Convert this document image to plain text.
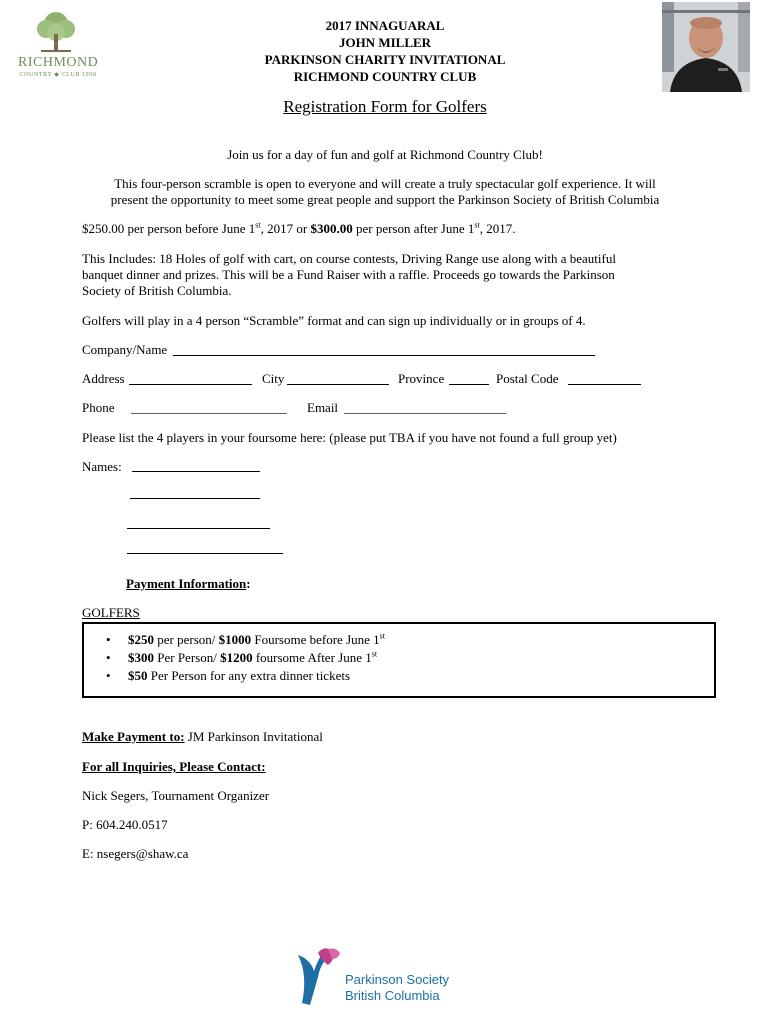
RICHMOND
COUNTRY ◆ CLUB 1958
2017 INNAGUARAL
JOHN MILLER
PARKINSON CHARITY INVITATIONAL
RICHMOND COUNTRY CLUB
Registration Form for Golfers
Join us for a day of fun and golf at Richmond Country Club!
This four-person scramble is open to everyone and will create a truly spectacular golf experience. It will
present the opportunity to meet some great people and support the Parkinson Society of British Columbia
$250.00 per person before June 1st, 2017 or $300.00 per person after June 1st, 2017.
This Includes: 18 Holes of golf with cart, on course contests, Driving Range use along with a beautiful
banquet dinner and prizes. This will be a Fund Raiser with a raffle. Proceeds go towards the Parkinson
Society of British Columbia.
Golfers will play in a 4 person “Scramble” format and can sign up individually or in groups of 4.
Company/Name
Address	City	Province	Postal Code
Phone ________________________ Email _________________________
Please list the 4 players in your foursome here: (please put TBA if you have not found a full group yet)
Names:
Payment Information:
GOLFERS
• $250 per person/ $1000 Foursome before June 1st
• $300 Per Person/ $1200 foursome After June 1st
• $50 Per Person for any extra dinner tickets
Make Payment to: JM Parkinson Invitational
For all Inquiries, Please Contact:
Nick Segers, Tournament Organizer
P: 604.240.0517
E: nsegers@shaw.ca
Parkinson Society
British Columbia
